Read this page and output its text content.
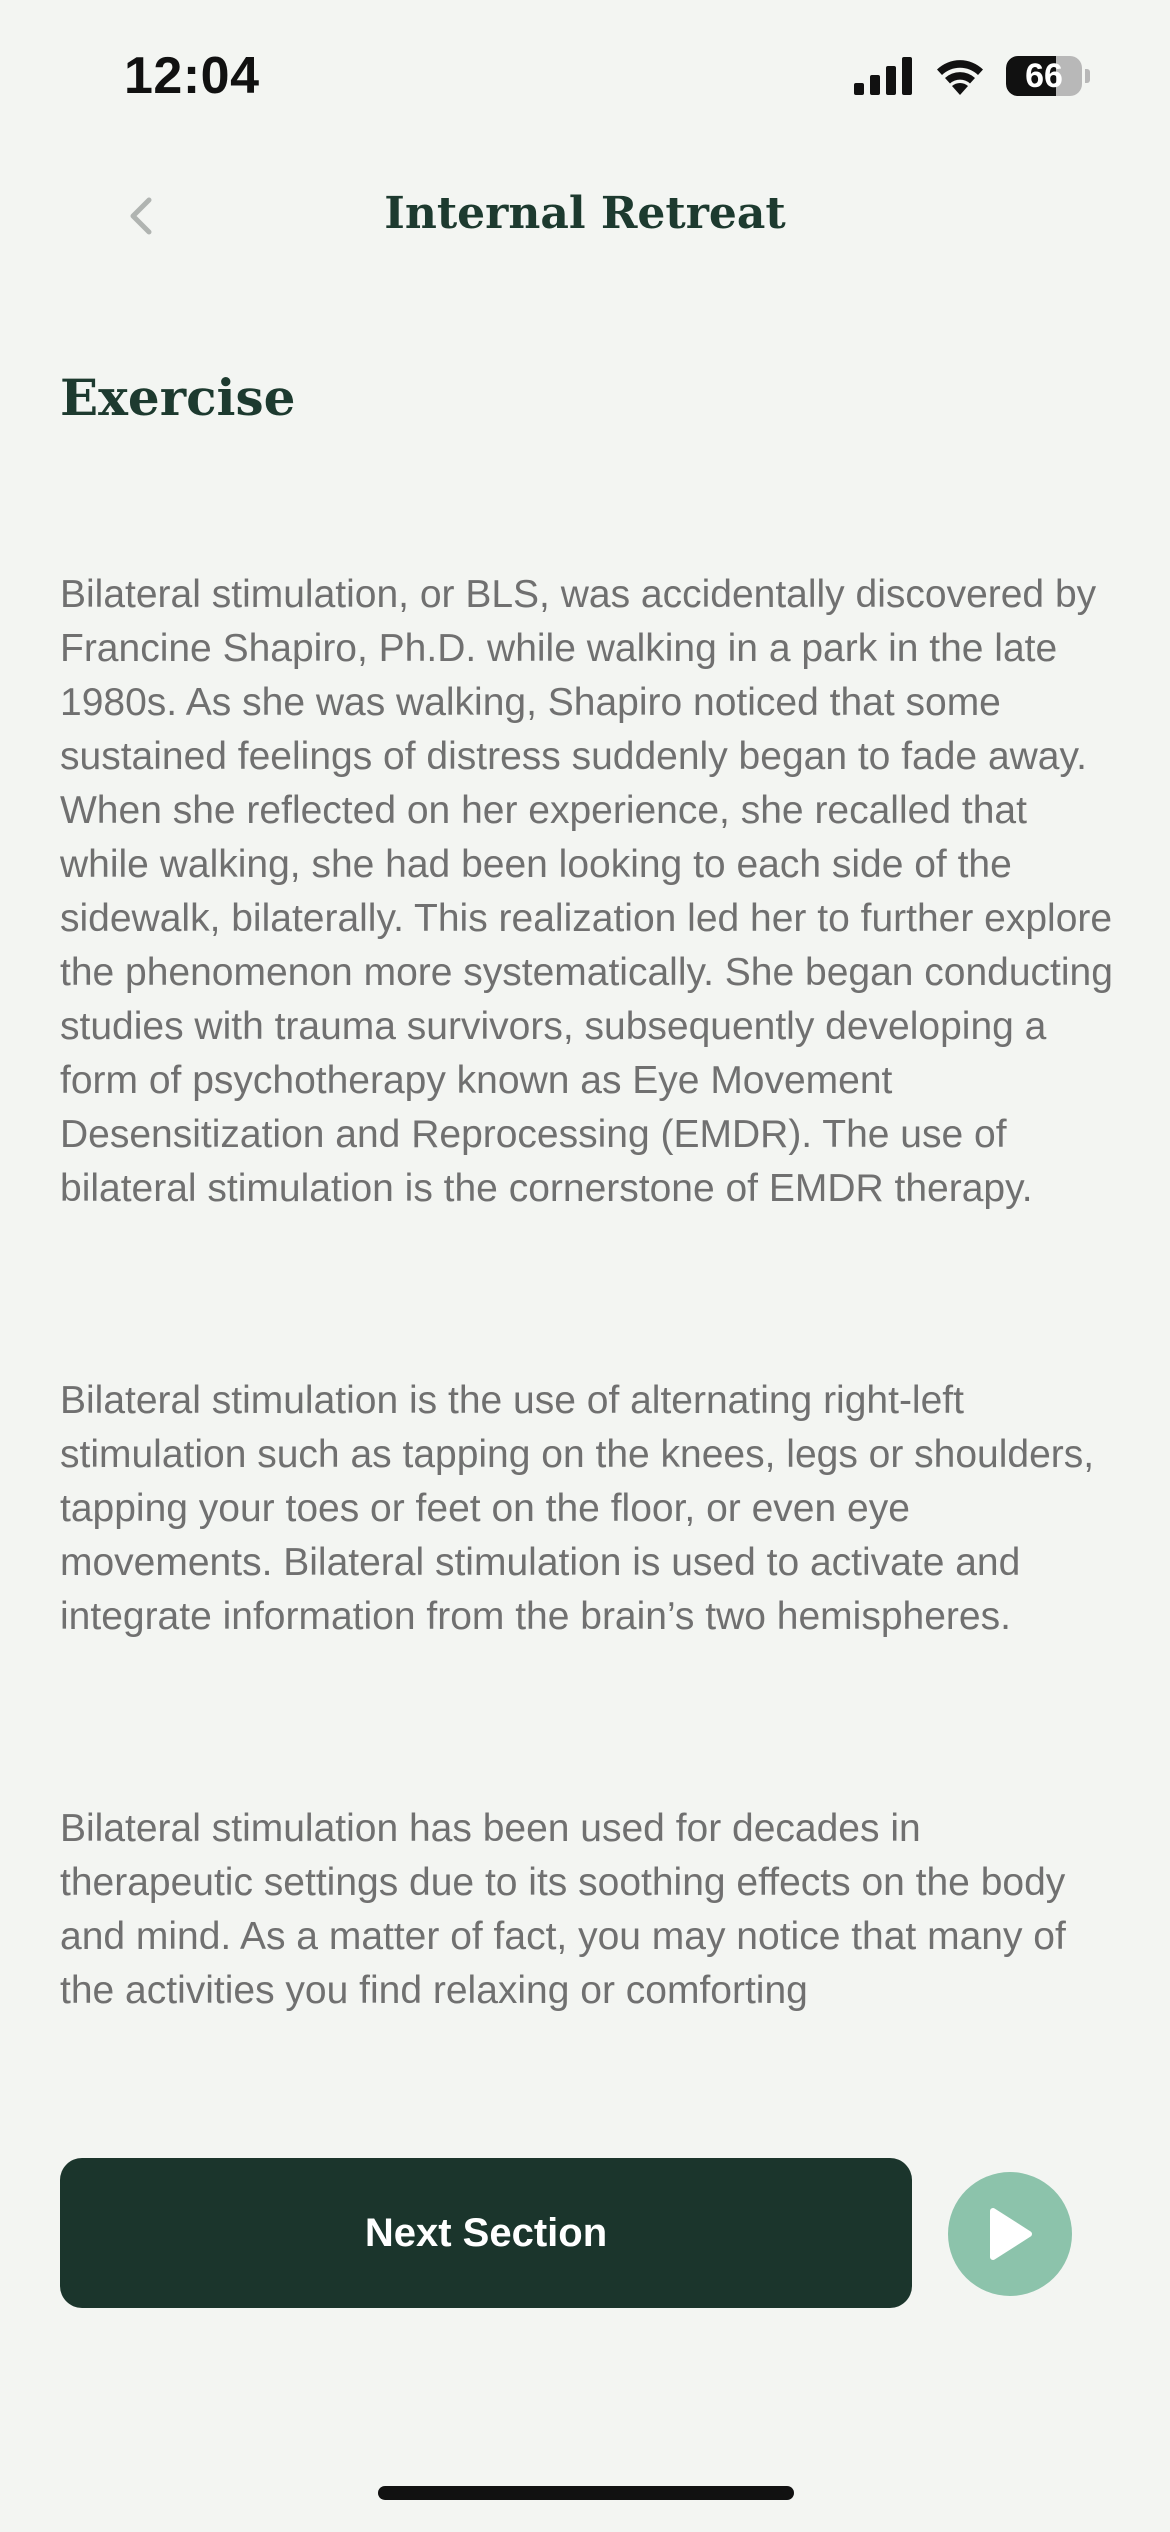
12:04	66
Internal Retreat
Exercise

Bilateral stimulation, or BLS, was accidentally discovered by Francine Shapiro, Ph.D. while walking in a park in the late 1980s. As she was walking, Shapiro noticed that some sustained feelings of distress suddenly began to fade away. When she reflected on her experience, she recalled that while walking, she had been looking to each side of the sidewalk, bilaterally. This realization led her to further explore the phenomenon more systematically. She began conducting studies with trauma survivors, subsequently developing a form of psychotherapy known as Eye Movement Desensitization and Reprocessing (EMDR). The use of bilateral stimulation is the cornerstone of EMDR therapy.

Bilateral stimulation is the use of alternating right-left stimulation such as tapping on the knees, legs or shoulders, tapping your toes or feet on the floor, or even eye movements. Bilateral stimulation is used to activate and integrate information from the brain’s two hemispheres.

Bilateral stimulation has been used for decades in therapeutic settings due to its soothing effects on the body and mind. As a matter of fact, you may notice that many of the activities you find relaxing or comforting

Next Section
